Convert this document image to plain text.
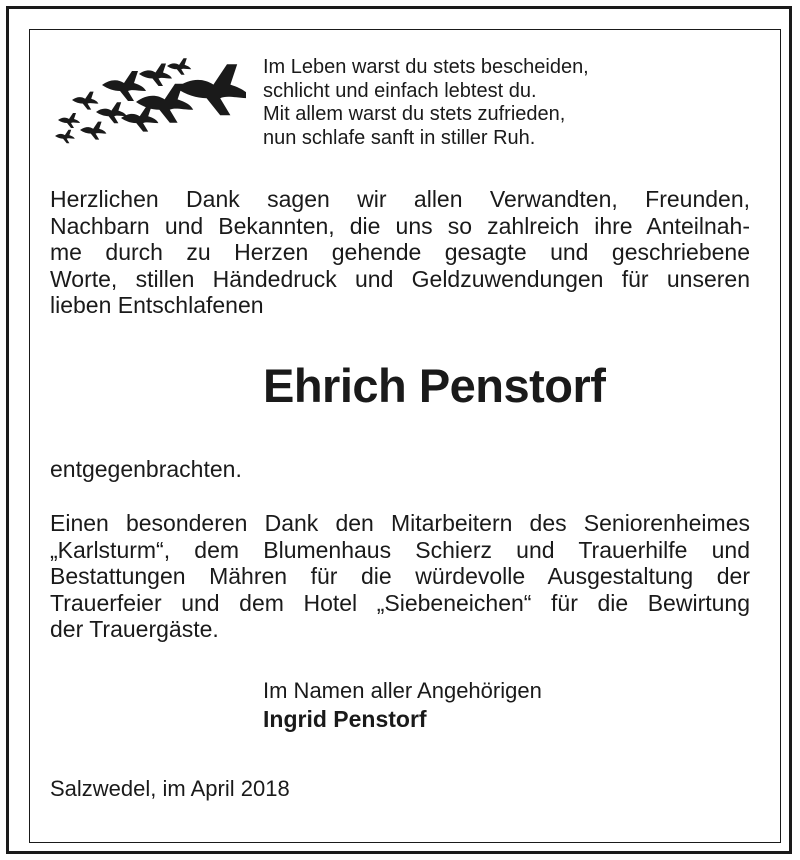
Im Leben warst du stets bescheiden,
schlicht und einfach lebtest du.
Mit allem warst du stets zufrieden,
nun schlafe sanft in stiller Ruh.
Herzlichen Dank sagen wir allen Verwandten, Freunden,
Nachbarn und Bekannten, die uns so zahlreich ihre Anteilnah-
me durch zu Herzen gehende gesagte und geschriebene
Worte, stillen Händedruck und Geldzuwendungen für unseren
lieben Entschlafenen
Ehrich Penstorf
entgegenbrachten.
Einen besonderen Dank den Mitarbeitern des Seniorenheimes
„Karlsturm“, dem Blumenhaus Schierz und Trauerhilfe und
Bestattungen Mähren für die würdevolle Ausgestaltung der
Trauerfeier und dem Hotel „Siebeneichen“ für die Bewirtung
der Trauergäste.
Im Namen aller Angehörigen
Ingrid Penstorf
Salzwedel, im April 2018
